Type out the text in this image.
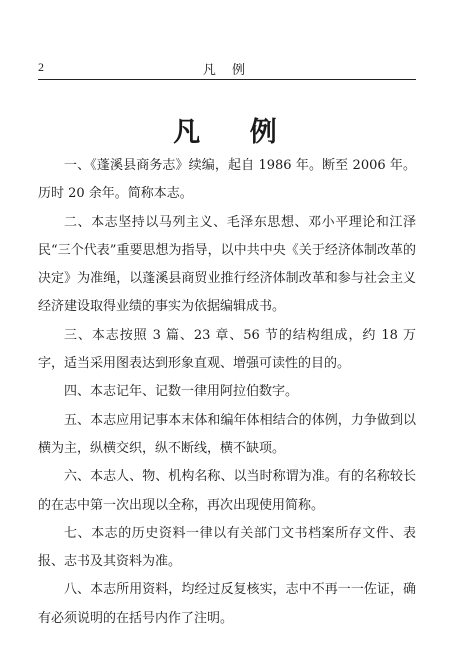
2	凡 例
凡 例

一、《蓬溪县商务志》续编，起自 1986 年。断至 2006 年。历时 20 余年。简称本志。

二、本志坚持以马列主义、毛泽东思想、邓小平理论和江泽民“三个代表”重要思想为指导，以中共中央《关于经济体制改革的决定》为准绳，以蓬溪县商贸业推行经济体制改革和参与社会主义经济建设取得业绩的事实为依据编辑成书。

三、本志按照 3 篇、23 章、56 节的结构组成，约 18 万字，适当采用图表达到形象直观、增强可读性的目的。

四、本志记年、记数一律用阿拉伯数字。

五、本志应用记事本末体和编年体相结合的体例，力争做到以横为主，纵横交织，纵不断线，横不缺项。

六、本志人、物、机构名称、以当时称谓为准。有的名称较长的在志中第一次出现以全称，再次出现使用简称。

七、本志的历史资料一律以有关部门文书档案所存文件、表报、志书及其资料为准。

八、本志所用资料，均经过反复核实，志中不再一一佐证，确有必须说明的在括号内作了注明。
